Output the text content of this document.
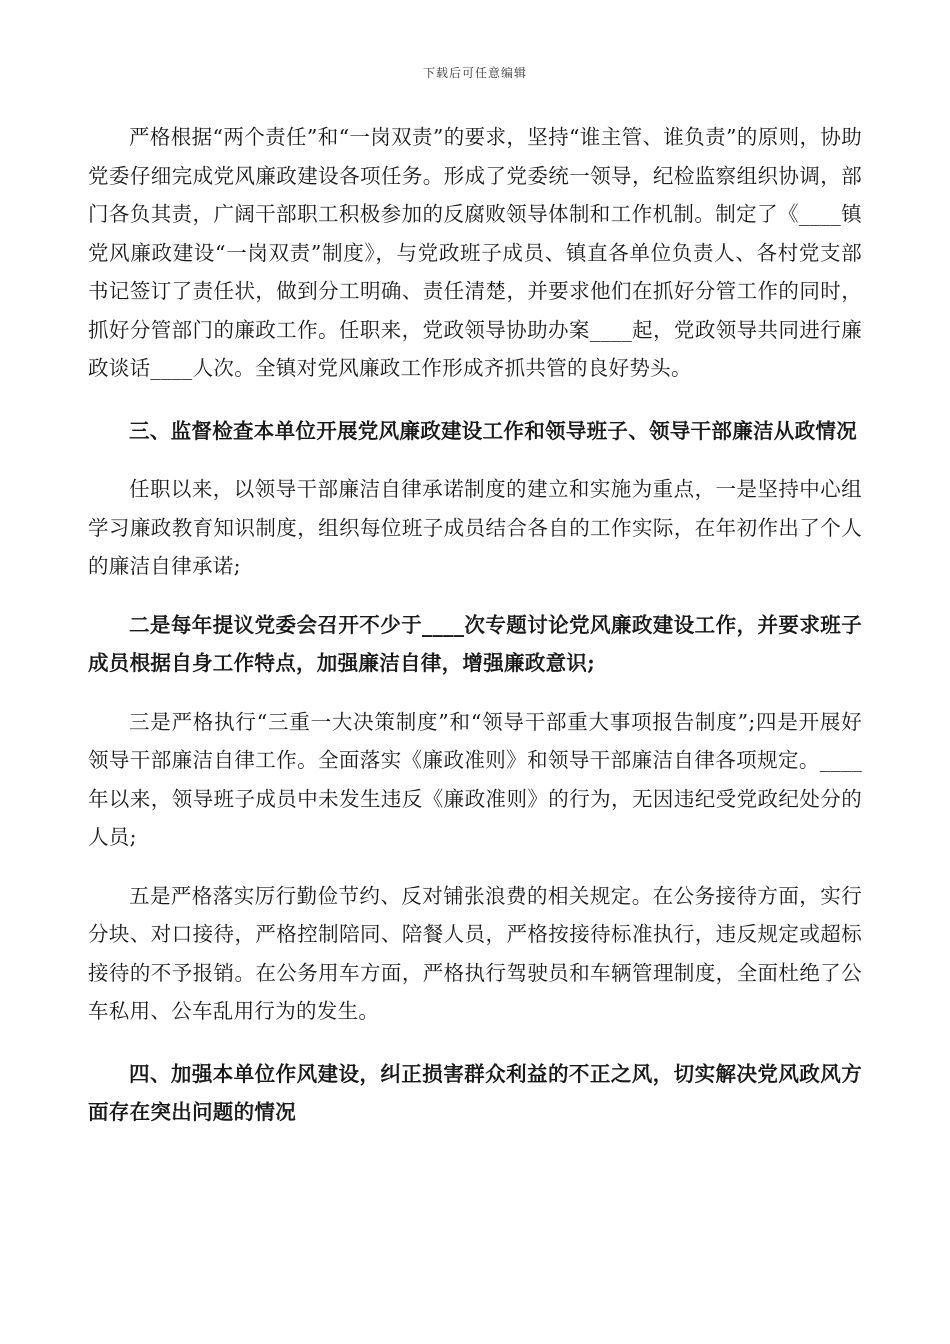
下载后可任意编辑

严格根据“两个责任”和“一岗双责”的要求，坚持“谁主管、谁负责”的原则，协助党委仔细完成党风廉政建设各项任务。形成了党委统一领导，纪检监察组织协调，部门各负其责，广阔干部职工积极参加的反腐败领导体制和工作机制。制定了《____镇党风廉政建设“一岗双责”制度》，与党政班子成员、镇直各单位负责人、各村党支部书记签订了责任状，做到分工明确、责任清楚，并要求他们在抓好分管工作的同时，抓好分管部门的廉政工作。任职来，党政领导协助办案____起，党政领导共同进行廉政谈话____人次。全镇对党风廉政工作形成齐抓共管的良好势头。

三、监督检查本单位开展党风廉政建设工作和领导班子、领导干部廉洁从政情况

任职以来，以领导干部廉洁自律承诺制度的建立和实施为重点，一是坚持中心组学习廉政教育知识制度，组织每位班子成员结合各自的工作实际，在年初作出了个人的廉洁自律承诺;

二是每年提议党委会召开不少于____次专题讨论党风廉政建设工作，并要求班子成员根据自身工作特点，加强廉洁自律，增强廉政意识;

三是严格执行“三重一大决策制度”和“领导干部重大事项报告制度”;四是开展好领导干部廉洁自律工作。全面落实《廉政准则》和领导干部廉洁自律各项规定。____年以来，领导班子成员中未发生违反《廉政准则》的行为，无因违纪受党政纪处分的人员;

五是严格落实厉行勤俭节约、反对铺张浪费的相关规定。在公务接待方面，实行分块、对口接待，严格控制陪同、陪餐人员，严格按接待标准执行，违反规定或超标接待的不予报销。在公务用车方面，严格执行驾驶员和车辆管理制度，全面杜绝了公车私用、公车乱用行为的发生。

四、加强本单位作风建设，纠正损害群众利益的不正之风，切实解决党风政风方面存在突出问题的情况
